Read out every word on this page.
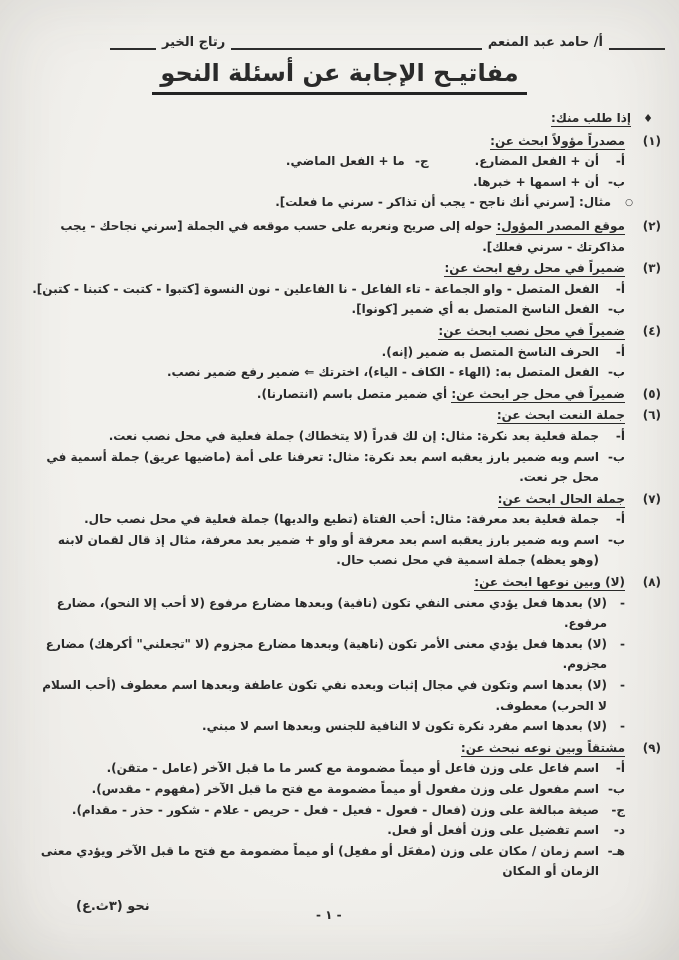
أ/ حامد عبد المنعم
رتاج الخير
مفاتيـح الإجابة عن أسئلة النحو
♦
إذا طلب منك:
(١)
مصدراً مؤولاً ابحث عن:
أ-
أن + الفعل المضارع.
ج-
ما + الفعل الماضي.
ب-
أن + اسمها + خبرها.
○
مثال: [سرني أنك ناجح - يجب أن تذاكر - سرني ما فعلت].
(٢)
موقع المصدر المؤول: حوله إلى صريح ونعربه على حسب موقعه في الجملة [سرني نجاحك - يجب مذاكرتك - سرني فعلك].
(٣)
ضميراً في محل رفع ابحث عن:
أ-
الفعل المتصل - واو الجماعة - تاء الفاعل - نا الفاعلين - نون النسوة [كتبوا - كتبت - كتبنا - كتبن].
ب-
الفعل الناسخ المتصل به أي ضمير [كونوا].
(٤)
ضميراً في محل نصب ابحث عن:
أ-
الحرف الناسخ المتصل به ضمير (إنه).
ب-
الفعل المتصل به: (الهاء - الكاف - الياء)، اخترتك ⇐ ضمير رفع ضمير نصب.
(٥)
ضميراً في محل جر ابحث عن: أي ضمير متصل باسم (انتصارنا).
(٦)
جملة النعت ابحث عن:
أ-
جملة فعلية بعد نكرة: مثال: إن لك قدراً (لا يتخطاك) جملة فعلية في محل نصب نعت.
ب-
اسم وبه ضمير بارز يعقبه اسم بعد نكرة: مثال: تعرفنا على أمة (ماضيها عريق) جملة أسمية في محل جر نعت.
(٧)
جملة الحال ابحث عن:
أ-
جملة فعلية بعد معرفة: مثال: أحب الفتاة (تطيع والديها) جملة فعلية في محل نصب حال.
ب-
اسم وبه ضمير بارز يعقبه اسم بعد معرفة أو واو + ضمير بعد معرفة، مثال إذ قال لقمان لابنه (وهو يعظه) جملة اسمية في محل نصب حال.
(٨)
(لا) وبين نوعها ابحث عن:
-
(لا) بعدها فعل يؤدي معنى النفي تكون (نافية) وبعدها مضارع مرفوع (لا أحب إلا النحو)، مضارع مرفوع.
-
(لا) بعدها فعل يؤدي معنى الأمر تكون (ناهية) وبعدها مضارع مجزوم (لا "تجعلني" أكرهك) مضارع مجزوم.
-
(لا) بعدها اسم وتكون في مجال إثبات وبعده نفي تكون عاطفة وبعدها اسم معطوف (أحب السلام لا الحرب) معطوف.
-
(لا) بعدها اسم مفرد نكرة تكون لا النافية للجنس وبعدها اسم لا مبني.
(٩)
مشتقاً وبين نوعه نبحث عن:
أ-
اسم فاعل على وزن فاعل أو ميماً مضمومة مع كسر ما ما قبل الآخر (عامل - متقن).
ب-
اسم مفعول على وزن مفعول أو ميماً مضمومة مع فتح ما قبل الآخر (مفهوم - مقدس).
ج-
صيغة مبالغة على وزن (فعال - فعول - فعيل - فعل - حريص - علام - شكور - حذر - مقدام).
د-
اسم تفضيل على وزن أفعل أو فعل.
هـ-
اسم زمان / مكان على وزن (مفعَل أو مفعِل) أو ميماً مضمومة مع فتح ما قبل الآخر ويؤدي معنى الزمان أو المكان
نحو (٣ث.ع)
- ١ -
